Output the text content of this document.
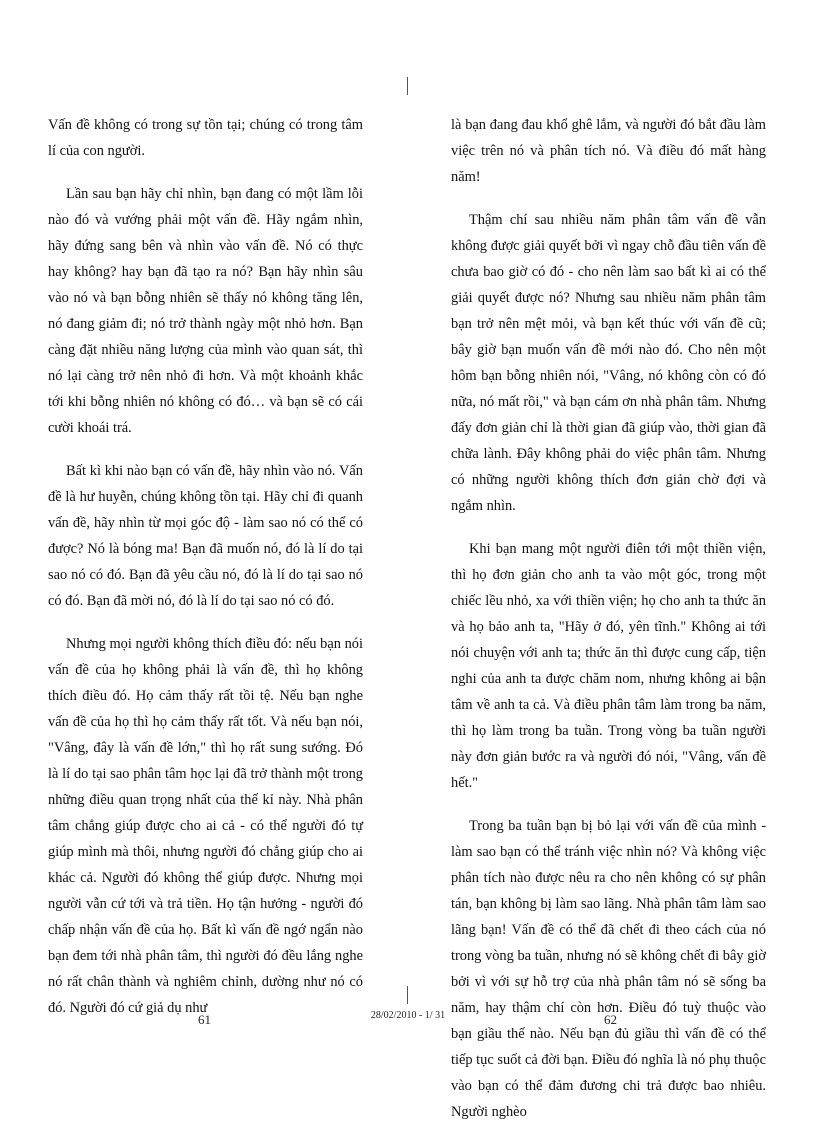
Vấn đề không có trong sự tồn tại; chúng có trong tâm lí của con người.

Lần sau bạn hãy chỉ nhìn, bạn đang có một lầm lỗi nào đó và vướng phải một vấn đề. Hãy ngắm nhìn, hãy đứng sang bên và nhìn vào vấn đề. Nó có thực hay không? hay bạn đã tạo ra nó? Bạn hãy nhìn sâu vào nó và bạn bỗng nhiên sẽ thấy nó không tăng lên, nó đang giảm đi; nó trở thành ngày một nhỏ hơn. Bạn càng đặt nhiều năng lượng của mình vào quan sát, thì nó lại càng trở nên nhỏ đi hơn. Và một khoảnh khắc tới khi bỗng nhiên nó không có đó… và bạn sẽ có cái cười khoái trá.

Bất kì khi nào bạn có vấn đề, hãy nhìn vào nó. Vấn đề là hư huyễn, chúng không tồn tại. Hãy chỉ đi quanh vấn đề, hãy nhìn từ mọi góc độ - làm sao nó có thể có được? Nó là bóng ma! Bạn đã muốn nó, đó là lí do tại sao nó có đó. Bạn đã yêu cầu nó, đó là lí do tại sao nó có đó. Bạn đã mời nó, đó là lí do tại sao nó có đó.

Nhưng mọi người không thích điều đó: nếu bạn nói vấn đề của họ không phải là vấn đề, thì họ không thích điều đó. Họ cảm thấy rất tồi tệ. Nếu bạn nghe vấn đề của họ thì họ cảm thấy rất tốt. Và nếu bạn nói, "Vâng, đây là vấn đề lớn," thì họ rất sung sướng. Đó là lí do tại sao phân tâm học lại đã trở thành một trong những điều quan trọng nhất của thế kỉ này. Nhà phân tâm chẳng giúp được cho ai cả - có thể người đó tự giúp mình mà thôi, nhưng người đó chẳng giúp cho ai khác cả. Người đó không thể giúp được. Nhưng mọi người vẫn cứ tới và trả tiền. Họ tận hưởng - người đó chấp nhận vấn đề của họ. Bất kì vấn đề ngớ ngẩn nào bạn đem tới nhà phân tâm, thì người đó đều lắng nghe nó rất chân thành và nghiêm chỉnh, dường như nó có đó. Người đó cứ giả dụ như

là bạn đang đau khổ ghê lắm, và người đó bắt đầu làm việc trên nó và phân tích nó. Và điều đó mất hàng năm!

Thậm chí sau nhiều năm phân tâm vấn đề vẫn không được giải quyết bởi vì ngay chỗ đầu tiên vấn đề chưa bao giờ có đó - cho nên làm sao bất kì ai có thể giải quyết được nó? Nhưng sau nhiều năm phân tâm bạn trở nên mệt mỏi, và bạn kết thúc với vấn đề cũ; bây giờ bạn muốn vấn đề mới nào đó. Cho nên một hôm bạn bỗng nhiên nói, "Vâng, nó không còn có đó nữa, nó mất rồi," và bạn cám ơn nhà phân tâm. Nhưng đấy đơn giản chỉ là thời gian đã giúp vào, thời gian đã chữa lành. Đây không phải do việc phân tâm. Nhưng có những người không thích đơn giản chờ đợi và ngắm nhìn.

Khi bạn mang một người điên tới một thiền viện, thì họ đơn giản cho anh ta vào một góc, trong một chiếc lều nhỏ, xa với thiền viện; họ cho anh ta thức ăn và họ bảo anh ta, "Hãy ở đó, yên tĩnh." Không ai tới nói chuyện với anh ta; thức ăn thì được cung cấp, tiện nghi của anh ta được chăm nom, nhưng không ai bận tâm về anh ta cả. Và điều phân tâm làm trong ba năm, thì họ làm trong ba tuần. Trong vòng ba tuần người này đơn giản bước ra và người đó nói, "Vâng, vấn đề hết."

Trong ba tuần bạn bị bỏ lại với vấn đề của mình - làm sao bạn có thể tránh việc nhìn nó? Và không việc phân tích nào được nêu ra cho nên không có sự phân tán, bạn không bị làm sao lãng. Nhà phân tâm làm sao lãng bạn! Vấn đề có thể đã chết đi theo cách của nó trong vòng ba tuần, nhưng nó sẽ không chết đi bây giờ bởi vì với sự hỗ trợ của nhà phân tâm nó sẽ sống ba năm, hay thậm chí còn hơn. Điều đó tuỳ thuộc vào bạn giầu thế nào. Nếu bạn đủ giầu thì vấn đề có thể tiếp tục suốt cả đời bạn. Điều đó nghĩa là nó phụ thuộc vào bạn có thể đảm đương chi trả được bao nhiêu. Người nghèo

28/02/2010 - 1/ 31
61	62
